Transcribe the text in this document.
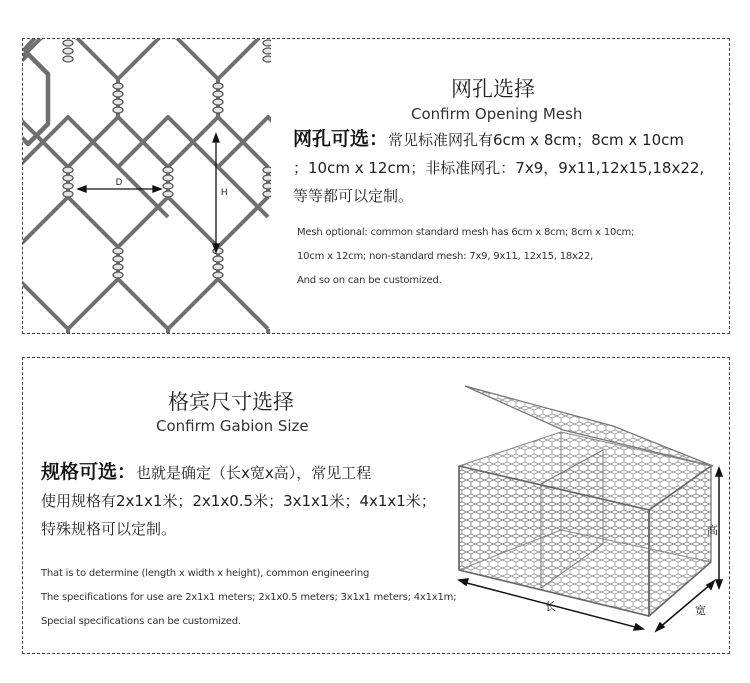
D
H
网孔选择
Confirm Opening Mesh
网孔可选：常见标准网孔有6cm x 8cm；8cm x 10cm
；10cm x 12cm；非标准网孔：7x9，9x11,12x15,18x22,
等等都可以定制。
Mesh optional: common standard mesh has 6cm x 8cm; 8cm x 10cm;
10cm x 12cm; non-standard mesh: 7x9, 9x11, 12x15, 18x22,
And so on can be customized.
格宾尺寸选择
Confirm Gabion Size
规格可选：也就是确定（长x宽x高），常见工程
使用规格有2x1x1米；2x1x0.5米；3x1x1米；4x1x1米；
特殊规格可以定制。
That is to determine (length x width x height), common engineering
The specifications for use are 2x1x1 meters; 2x1x0.5 meters; 3x1x1 meters; 4x1x1m;
Special specifications can be customized.
长	宽
高
